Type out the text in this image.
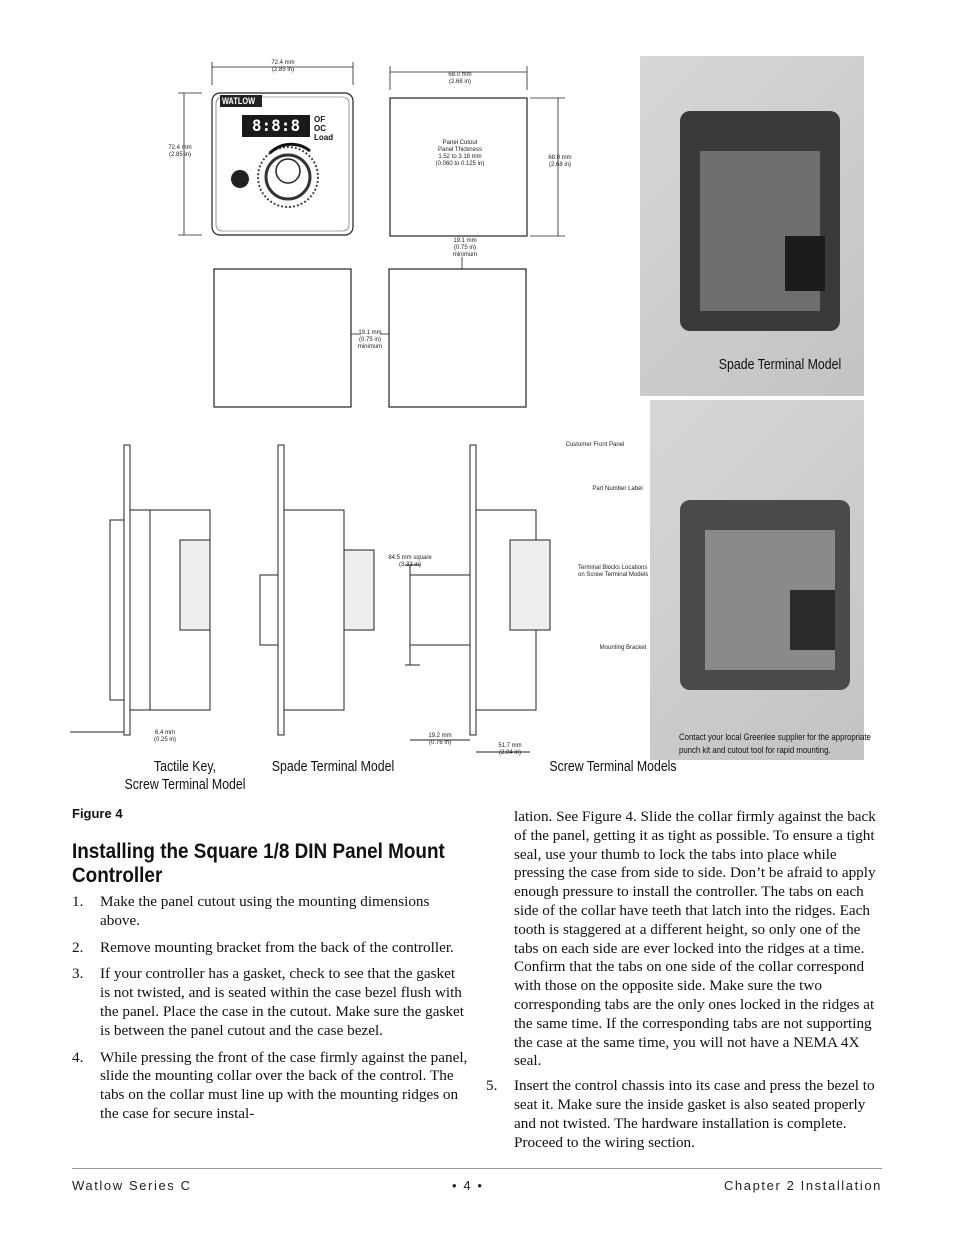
72.4 mm
(2.85 in)
72.4 mm
(2.85 in)
WATLOW
8:8:8	OF
OC
Load
68.0 mm
(2.68 in)
68.0 mm
(2.68 in)
Panel Cutout
Panel Thickness
1.52 to 3.18 mm
(0.060 to 0.125 in)
19.1 mm
(0.75 in)
minimum
19.1 mm
(0.75 in)
minimum
Spade Terminal Model
6.4 mm
(0.25 in)
84.5 mm square
(3.33 in)
19.2 mm
(0.76 in)	51.7 mm
(2.04 in)
Customer Front Panel
Part Number Label
Terminal Blocks Locations
on Screw Terminal Models
Mounting Bracket
Contact your local Greenlee supplier for the appropriate
punch kit and cutout tool for rapid mounting.
Tactile Key,
Screw Terminal Model
Spade Terminal Model	Screw Terminal Models
Figure 4
Installing the Square 1/8 DIN Panel Mount Controller
1. Make the panel cutout using the mounting dimensions above.
2. Remove mounting bracket from the back of the controller.
3. If your controller has a gasket, check to see that the gasket is not twisted, and is seated within the case bezel flush with the panel. Place the case in the cutout. Make sure the gasket is between the panel cutout and the case bezel.
4. While pressing the front of the case firmly against the panel, slide the mounting collar over the back of the control. The tabs on the collar must line up with the mounting ridges on the case for secure instal-
lation. See Figure 4. Slide the collar firmly against the back of the panel, getting it as tight as possible. To ensure a tight seal, use your thumb to lock the tabs into place while pressing the case from side to side. Don’t be afraid to apply enough pressure to install the controller. The tabs on each side of the collar have teeth that latch into the ridges. Each tooth is staggered at a different height, so only one of the tabs on each side are ever locked into the ridges at a time. Confirm that the tabs on one side of the collar correspond with those on the opposite side. Make sure the two corresponding tabs are the only ones locked in the ridges at the same time. If the corresponding tabs are not supporting the case at the same time, you will not have a NEMA 4X seal.
5. Insert the control chassis into its case and press the bezel to seat it. Make sure the inside gasket is also seated properly and not twisted. The hardware installation is complete. Proceed to the wiring section.
Watlow Series C	• 4 •	Chapter 2 Installation
